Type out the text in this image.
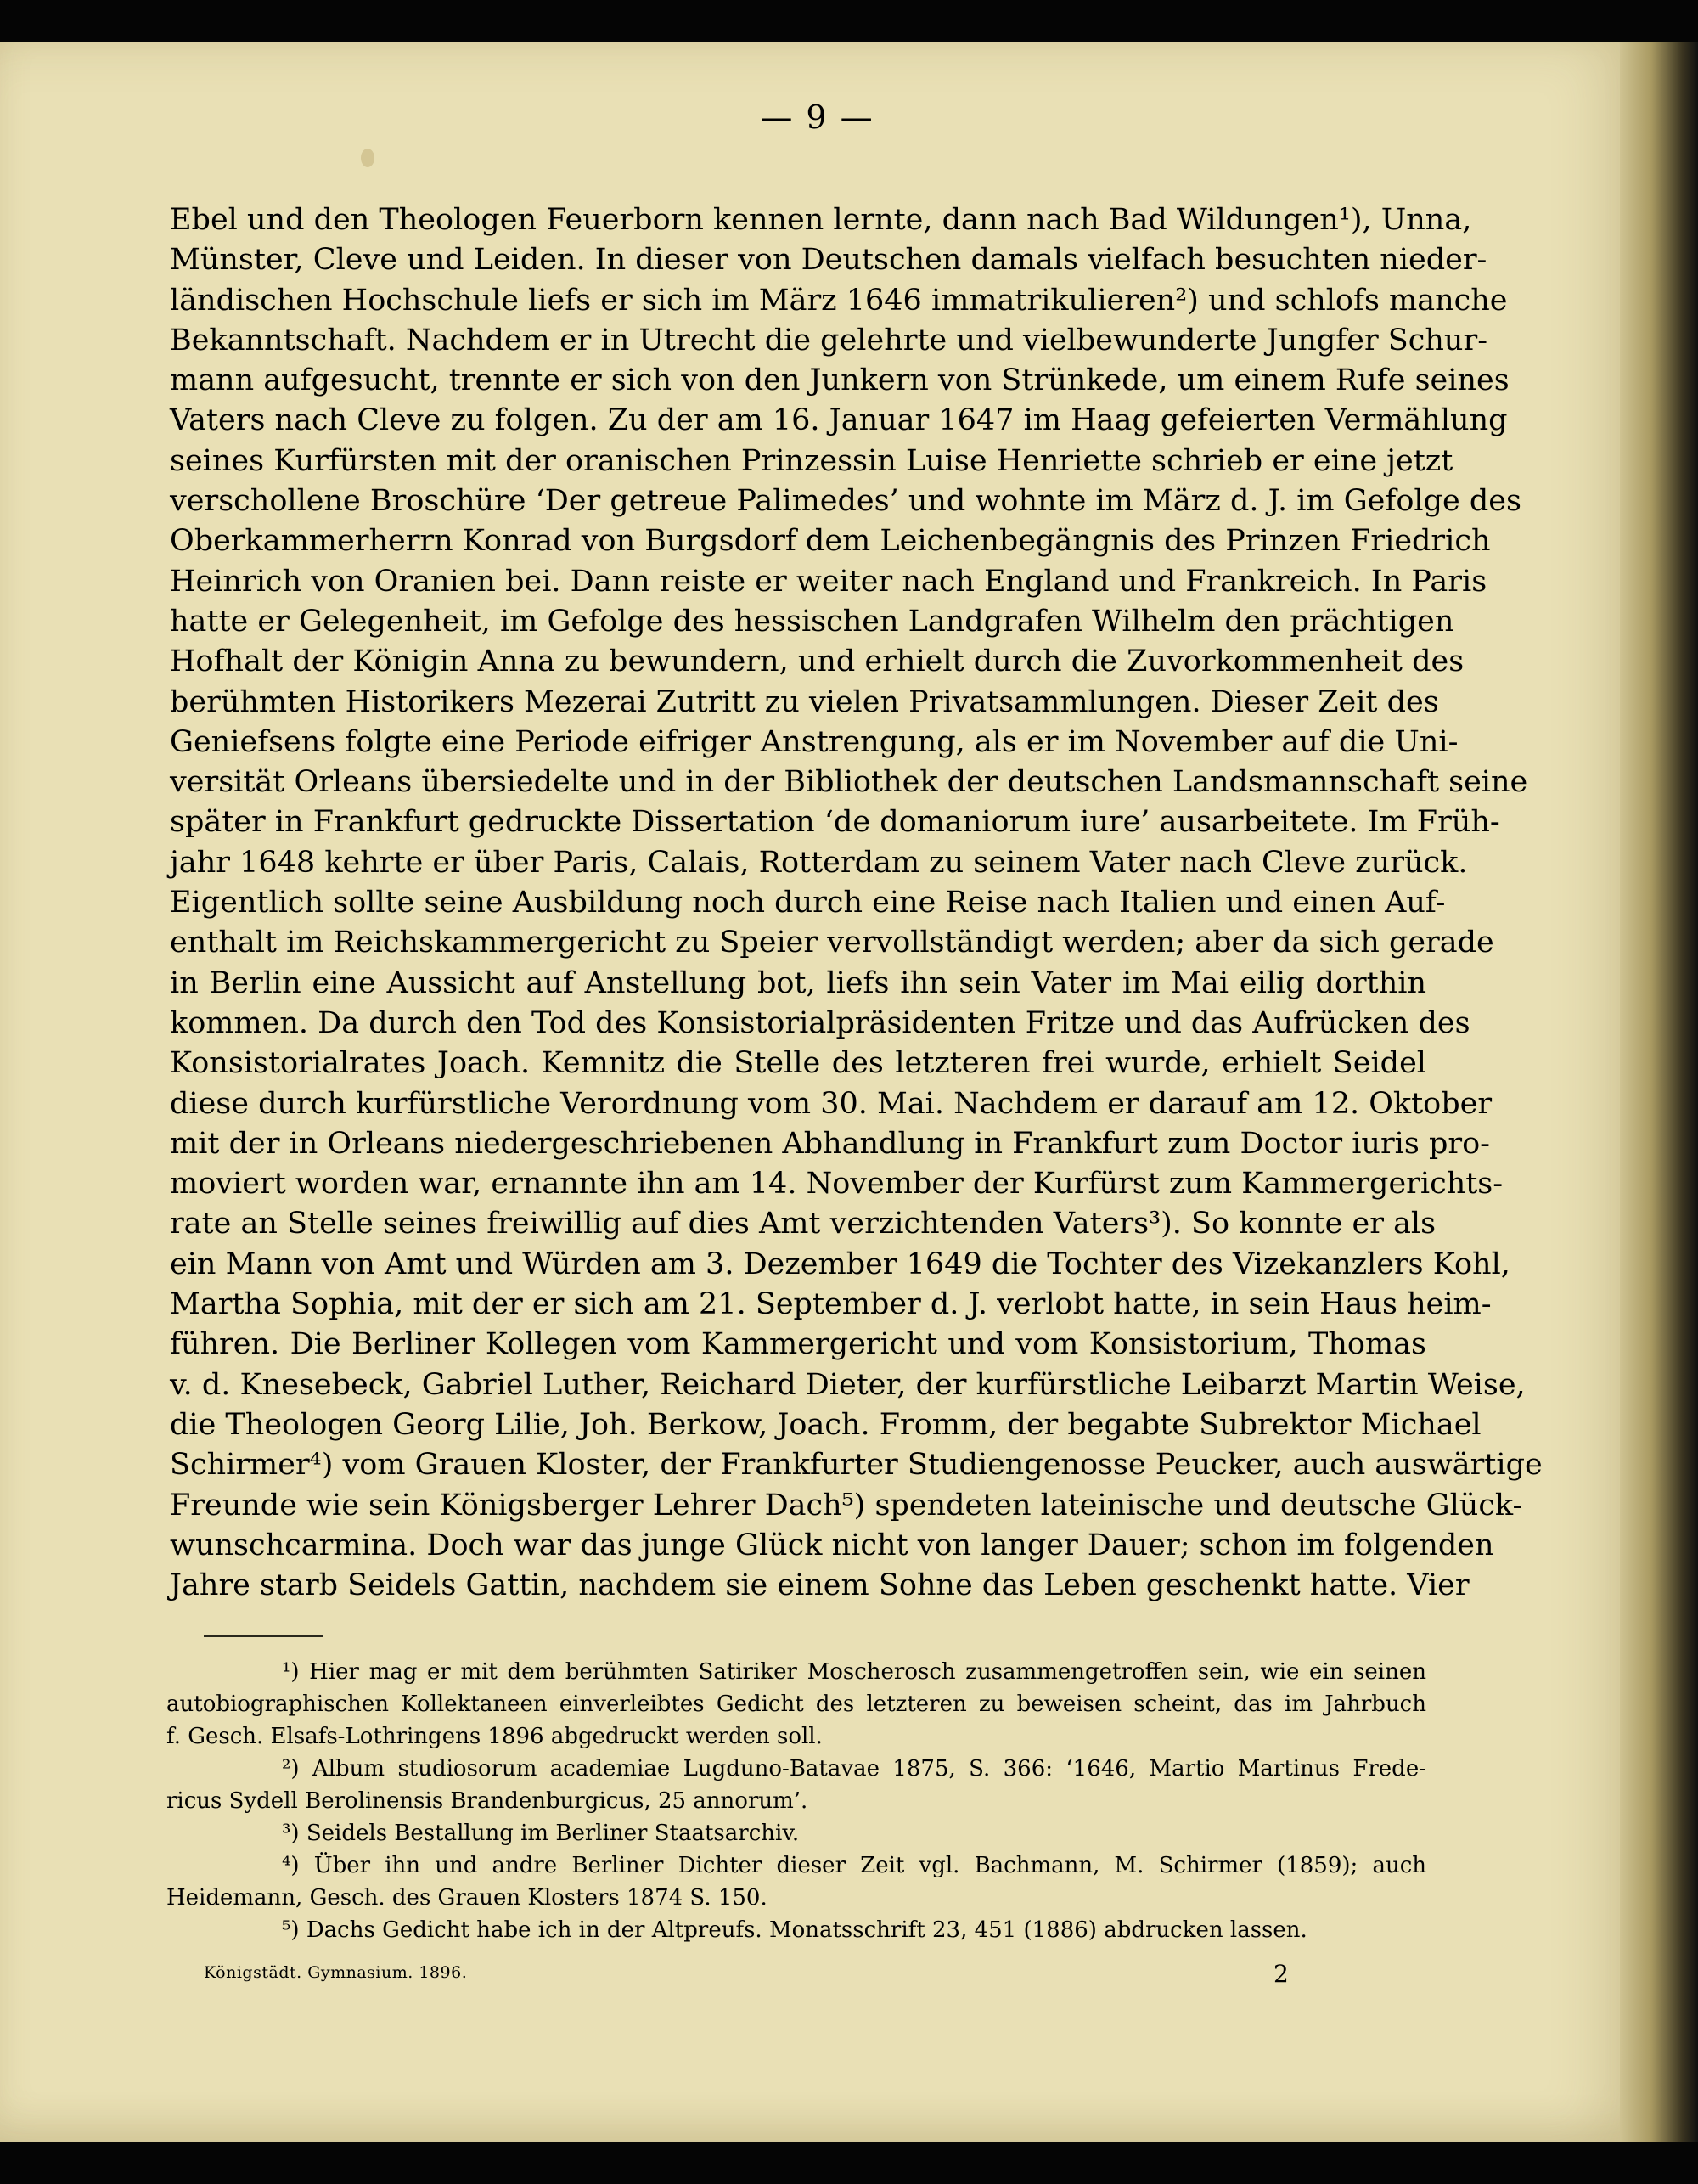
— 9 —
Ebel und den Theologen Feuerborn kennen lernte, dann nach Bad Wildungen¹), Unna,
Münster, Cleve und Leiden. In dieser von Deutschen damals vielfach besuchten nieder-
ländischen Hochschule liefs er sich im März 1646 immatrikulieren²) und schlofs manche
Bekanntschaft. Nachdem er in Utrecht die gelehrte und vielbewunderte Jungfer Schur-
mann aufgesucht, trennte er sich von den Junkern von Strünkede, um einem Rufe seines
Vaters nach Cleve zu folgen. Zu der am 16. Januar 1647 im Haag gefeierten Vermählung
seines Kurfürsten mit der oranischen Prinzessin Luise Henriette schrieb er eine jetzt
verschollene Broschüre ‘Der getreue Palimedes’ und wohnte im März d. J. im Gefolge des
Oberkammerherrn Konrad von Burgsdorf dem Leichenbegängnis des Prinzen Friedrich
Heinrich von Oranien bei. Dann reiste er weiter nach England und Frankreich. In Paris
hatte er Gelegenheit, im Gefolge des hessischen Landgrafen Wilhelm den prächtigen
Hofhalt der Königin Anna zu bewundern, und erhielt durch die Zuvorkommenheit des
berühmten Historikers Mezerai Zutritt zu vielen Privatsammlungen. Dieser Zeit des
Geniefsens folgte eine Periode eifriger Anstrengung, als er im November auf die Uni-
versität Orleans übersiedelte und in der Bibliothek der deutschen Landsmannschaft seine
später in Frankfurt gedruckte Dissertation ‘de domaniorum iure’ ausarbeitete. Im Früh-
jahr 1648 kehrte er über Paris, Calais, Rotterdam zu seinem Vater nach Cleve zurück.
Eigentlich sollte seine Ausbildung noch durch eine Reise nach Italien und einen Auf-
enthalt im Reichskammergericht zu Speier vervollständigt werden; aber da sich gerade
in Berlin eine Aussicht auf Anstellung bot, liefs ihn sein Vater im Mai eilig dorthin
kommen. Da durch den Tod des Konsistorialpräsidenten Fritze und das Aufrücken des
Konsistorialrates Joach. Kemnitz die Stelle des letzteren frei wurde, erhielt Seidel
diese durch kurfürstliche Verordnung vom 30. Mai. Nachdem er darauf am 12. Oktober
mit der in Orleans niedergeschriebenen Abhandlung in Frankfurt zum Doctor iuris pro-
moviert worden war, ernannte ihn am 14. November der Kurfürst zum Kammergerichts-
rate an Stelle seines freiwillig auf dies Amt verzichtenden Vaters³). So konnte er als
ein Mann von Amt und Würden am 3. Dezember 1649 die Tochter des Vizekanzlers Kohl,
Martha Sophia, mit der er sich am 21. September d. J. verlobt hatte, in sein Haus heim-
führen. Die Berliner Kollegen vom Kammergericht und vom Konsistorium, Thomas
v. d. Knesebeck, Gabriel Luther, Reichard Dieter, der kurfürstliche Leibarzt Martin Weise,
die Theologen Georg Lilie, Joh. Berkow, Joach. Fromm, der begabte Subrektor Michael
Schirmer⁴) vom Grauen Kloster, der Frankfurter Studiengenosse Peucker, auch auswärtige
Freunde wie sein Königsberger Lehrer Dach⁵) spendeten lateinische und deutsche Glück-
wunschcarmina. Doch war das junge Glück nicht von langer Dauer; schon im folgenden
Jahre starb Seidels Gattin, nachdem sie einem Sohne das Leben geschenkt hatte. Vier
¹) Hier mag er mit dem berühmten Satiriker Moscherosch zusammengetroffen sein, wie ein seinen
autobiographischen Kollektaneen einverleibtes Gedicht des letzteren zu beweisen scheint, das im Jahrbuch
f. Gesch. Elsafs-Lothringens 1896 abgedruckt werden soll.
²) Album studiosorum academiae Lugduno-Batavae 1875, S. 366: ‘1646, Martio Martinus Frede-
ricus Sydell Berolinensis Brandenburgicus, 25 annorum’.
³) Seidels Bestallung im Berliner Staatsarchiv.
⁴) Über ihn und andre Berliner Dichter dieser Zeit vgl. Bachmann, M. Schirmer (1859); auch
Heidemann, Gesch. des Grauen Klosters 1874 S. 150.
⁵) Dachs Gedicht habe ich in der Altpreufs. Monatsschrift 23, 451 (1886) abdrucken lassen.
Königstädt. Gymnasium. 1896.	2
